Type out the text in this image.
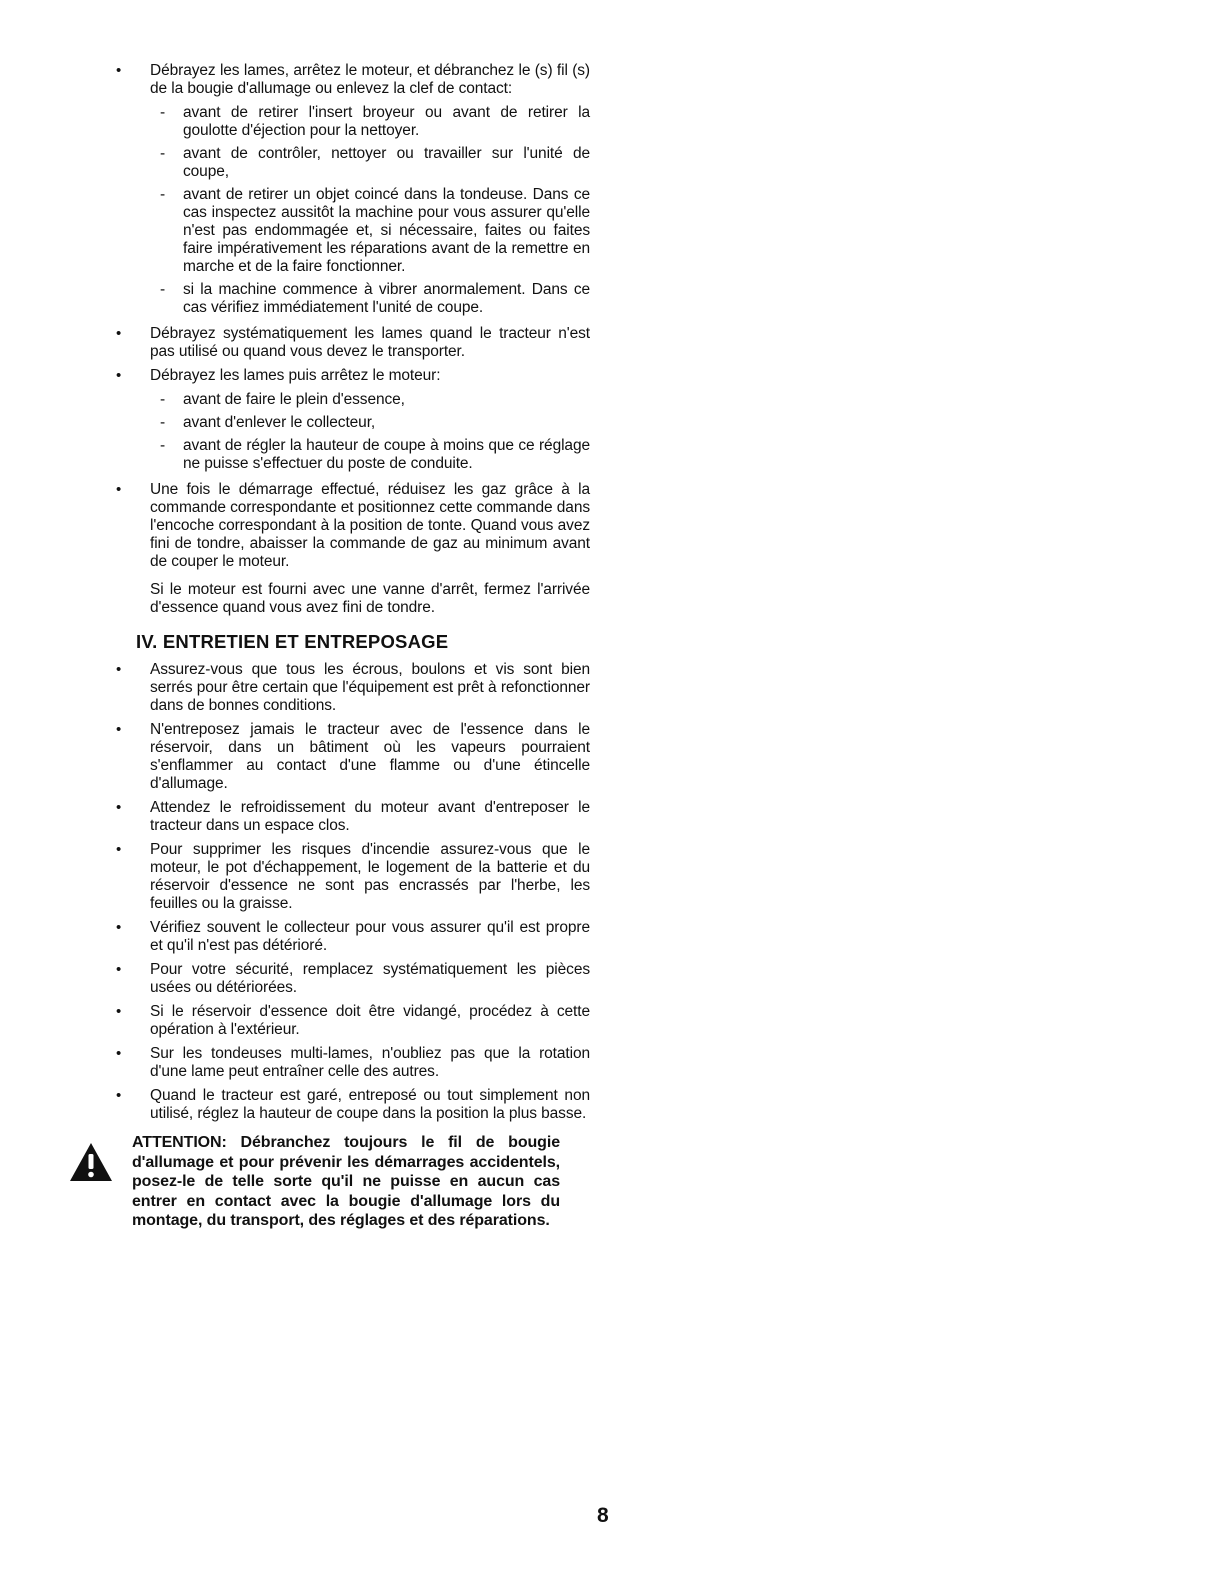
•	Débrayez les lames, arrêtez le moteur, et débranchez le (s) fil (s) de la bougie d'allumage ou enlevez la clef de contact:
- avant de retirer l'insert broyeur ou avant de retirer la goulotte d'éjection pour la nettoyer.
- avant de contrôler, nettoyer ou travailler sur l'unité de coupe,
- avant de retirer un objet coincé dans la tondeuse. Dans ce cas inspectez aussitôt la machine pour vous assurer qu'elle n'est pas endommagée et, si nécessaire, faites ou faites faire impérativement les réparations avant de la remettre en marche et de la faire fonctionner.
- si la machine commence à vibrer anormalement. Dans ce cas vérifiez immédiatement l'unité de coupe.
•	Débrayez systématiquement les lames quand le tracteur n'est pas utilisé ou quand vous devez le transporter.
•	Débrayez les lames puis arrêtez le moteur:
- avant de faire le plein d'essence,
- avant d'enlever le collecteur,
- avant de régler la hauteur de coupe à moins que ce réglage ne puisse s'effectuer du poste de conduite.
•	Une fois le démarrage effectué, réduisez les gaz grâce à la commande correspondante et positionnez cette commande dans l'encoche correspondant à la position de tonte. Quand vous avez fini de tondre, abaisser la commande de gaz au minimum avant de couper le moteur.
Si le moteur est fourni avec une vanne d'arrêt, fermez l'arrivée d'essence quand vous avez fini de tondre.
IV. ENTRETIEN ET ENTREPOSAGE
•	Assurez-vous que tous les écrous, boulons et vis sont bien serrés pour être certain que l'équipement est prêt à refonctionner dans de bonnes conditions.
•	N'entreposez jamais le tracteur avec de l'essence dans le réservoir, dans un bâtiment où les vapeurs pourraient s'enflammer au contact d'une flamme ou d'une étincelle d'allumage.
•	Attendez le refroidissement du moteur avant d'entreposer le tracteur dans un espace clos.
•	Pour supprimer les risques d'incendie assurez-vous que le moteur, le pot d'échappement, le logement de la batterie et du réservoir d'essence ne sont pas encrassés par l'herbe, les feuilles ou la graisse.
•	Vérifiez souvent le collecteur pour vous assurer qu'il est propre et qu'il n'est pas détérioré.
•	Pour votre sécurité, remplacez systématiquement les pièces usées ou détériorées.
•	Si le réservoir d'essence doit être vidangé, procédez à cette opération à l'extérieur.
•	Sur les tondeuses multi-lames, n'oubliez pas que la rotation d'une lame peut entraîner celle des autres.
•	Quand le tracteur est garé, entreposé ou tout simplement non utilisé, réglez la hauteur de coupe dans la position la plus basse.
ATTENTION: Débranchez toujours le fil de bougie d'allumage et pour prévenir les démarrages accidentels, posez-le de telle sorte qu'il ne puisse en aucun cas entrer en contact avec la bougie d'allumage lors du montage, du transport, des réglages et des réparations.
8
